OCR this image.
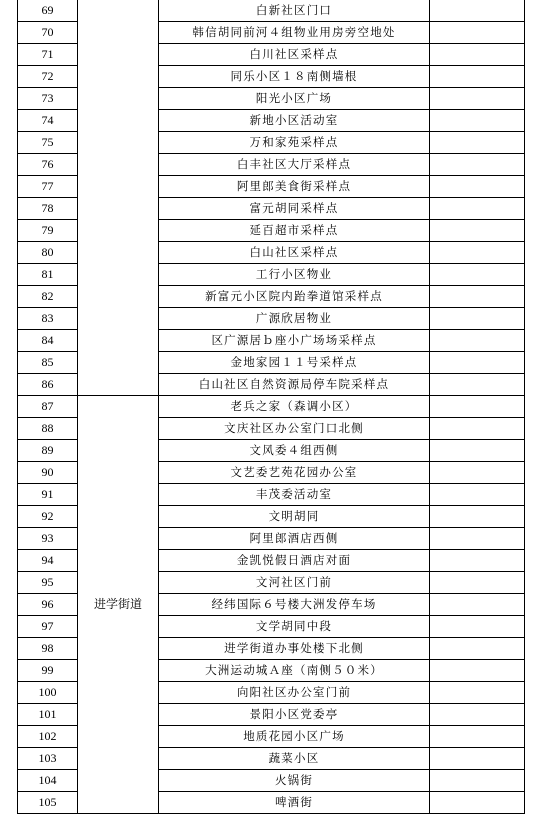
69		白新社区门口	
70		韩信胡同前河４组物业用房旁空地处	
71		白川社区采样点	
72		同乐小区１８南侧墙根	
73		阳光小区广场	
74		新地小区活动室	
75		万和家苑采样点	
76		白丰社区大厅采样点	
77		阿里郎美食街采样点	
78		富元胡同采样点	
79		延百超市采样点	
80		白山社区采样点	
81		工行小区物业	
82		新富元小区院内跆拳道馆采样点	
83		广源欣居物业	
84		区广源居ｂ座小广场场采样点	
85		金地家园１１号采样点	
86		白山社区自然资源局停车院采样点	
87	进学街道	老兵之家（森调小区）	
88		文庆社区办公室门口北侧	
89		文风委４组西侧	
90		文艺委艺苑花园办公室	
91		丰茂委活动室	
92		文明胡同	
93		阿里郎酒店西侧	
94		金凯悦假日酒店对面	
95		文河社区门前	
96		经纬国际６号楼大洲发停车场	
97		文学胡同中段	
98		进学街道办事处楼下北侧	
99		大洲运动城Ａ座（南侧５０米）	
100		向阳社区办公室门前	
101		景阳小区党委亭	
102		地质花园小区广场	
103		蔬菜小区	
104		火锅街	
105		啤酒街	
